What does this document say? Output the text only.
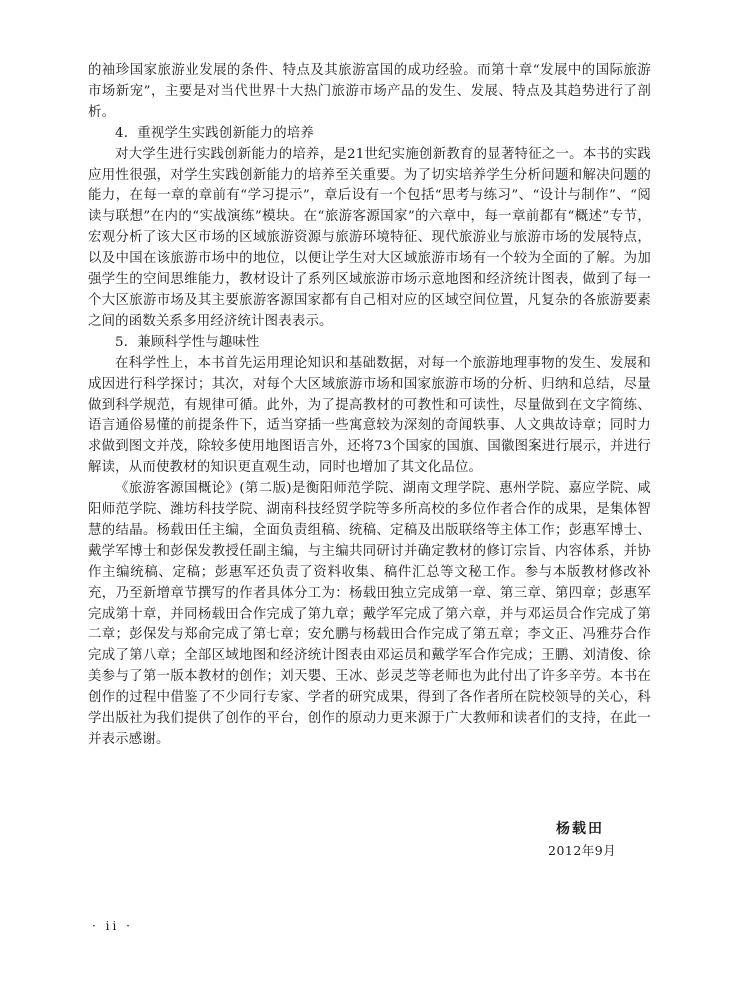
的袖珍国家旅游业发展的条件、特点及其旅游富国的成功经验。而第十章“发展中的国际旅游市场新宠”，主要是对当代世界十大热门旅游市场产品的发生、发展、特点及其趋势进行了剖析。

4．重视学生实践创新能力的培养

对大学生进行实践创新能力的培养，是21世纪实施创新教育的显著特征之一。本书的实践应用性很强，对学生实践创新能力的培养至关重要。为了切实培养学生分析问题和解决问题的能力，在每一章的章前有“学习提示”，章后设有一个包括“思考与练习”、“设计与制作”、“阅读与联想”在内的“实战演练”模块。在“旅游客源国家”的六章中，每一章前都有“概述”专节，宏观分析了该大区市场的区域旅游资源与旅游环境特征、现代旅游业与旅游市场的发展特点，以及中国在该旅游市场中的地位，以便让学生对大区域旅游市场有一个较为全面的了解。为加强学生的空间思维能力，教材设计了系列区域旅游市场示意地图和经济统计图表，做到了每一个大区旅游市场及其主要旅游客源国家都有自己相对应的区域空间位置，凡复杂的各旅游要素之间的函数关系多用经济统计图表表示。

5．兼顾科学性与趣味性

在科学性上，本书首先运用理论知识和基础数据，对每一个旅游地理事物的发生、发展和成因进行科学探讨；其次，对每个大区域旅游市场和国家旅游市场的分析、归纳和总结，尽量做到科学规范，有规律可循。此外，为了提高教材的可教性和可读性，尽量做到在文字简练、语言通俗易懂的前提条件下，适当穿插一些寓意较为深刻的奇闻轶事、人文典故诗章；同时力求做到图文并茂，除较多使用地图语言外，还将73个国家的国旗、国徽图案进行展示，并进行解读，从而使教材的知识更直观生动，同时也增加了其文化品位。

《旅游客源国概论》(第二版)是衡阳师范学院、湖南文理学院、惠州学院、嘉应学院、咸阳师范学院、潍坊科技学院、湖南科技经贸学院等多所高校的多位作者合作的成果，是集体智慧的结晶。杨载田任主编，全面负责组稿、统稿、定稿及出版联络等主体工作；彭惠军博士、戴学军博士和彭保发教授任副主编，与主编共同研讨并确定教材的修订宗旨、内容体系，并协作主编统稿、定稿；彭惠军还负责了资料收集、稿件汇总等文秘工作。参与本版教材修改补充，乃至新增章节撰写的作者具体分工为：杨载田独立完成第一章、第三章、第四章；彭惠军完成第十章，并同杨载田合作完成了第九章；戴学军完成了第六章，并与邓运员合作完成了第二章；彭保发与郑俞完成了第七章；安允鹏与杨载田合作完成了第五章；李文正、冯雅芬合作完成了第八章；全部区域地图和经济统计图表由邓运员和戴学军合作完成；王鹏、刘清俊、徐美参与了第一版本教材的创作；刘天嬰、王冰、彭灵芝等老师也为此付出了许多辛劳。本书在创作的过程中借鉴了不少同行专家、学者的研究成果，得到了各作者所在院校领导的关心，科学出版社为我们提供了创作的平台，创作的原动力更来源于广大教师和读者们的支持，在此一并表示感谢。

杨载田
2012年9月
· ii ·
